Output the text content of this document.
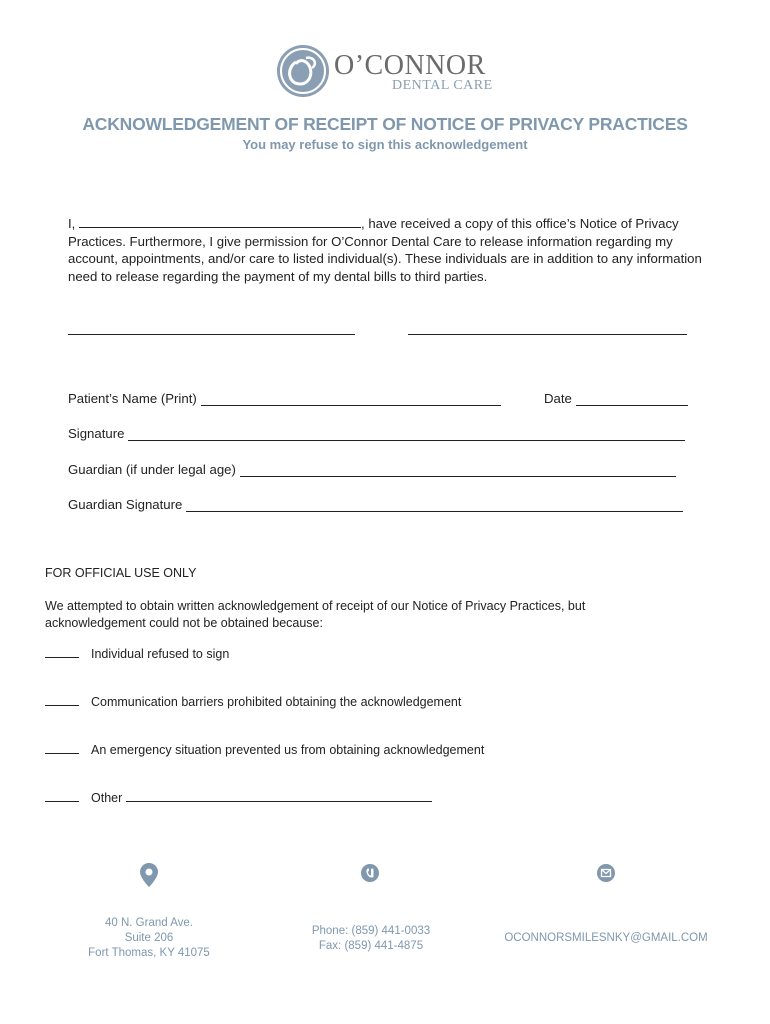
O’CONNOR
DENTAL CARE
ACKNOWLEDGEMENT OF RECEIPT OF NOTICE OF PRIVACY PRACTICES
You may refuse to sign this acknowledgement
I,	, have received a copy of this office’s Notice of Privacy Practices. Furthermore, I give permission for O’Connor Dental Care to release information regarding my account, appointments, and/or care to listed individual(s). These individuals are in addition to any information need to release regarding the payment of my dental bills to third parties.
Patient’s Name (Print)	Date
Signature
Guardian (if under legal age)
Guardian Signature
FOR OFFICIAL USE ONLY
We attempted to obtain written acknowledgement of receipt of our Notice of Privacy Practices, but acknowledgement could not be obtained because:
Individual refused to sign
Communication barriers prohibited obtaining the acknowledgement
An emergency situation prevented us from obtaining acknowledgement
Other
40 N. Grand Ave.
Suite 206
Fort Thomas, KY 41075
Phone: (859) 441-0033
Fax: (859) 441-4875
OCONNORSMILESNKY@GMAIL.COM
